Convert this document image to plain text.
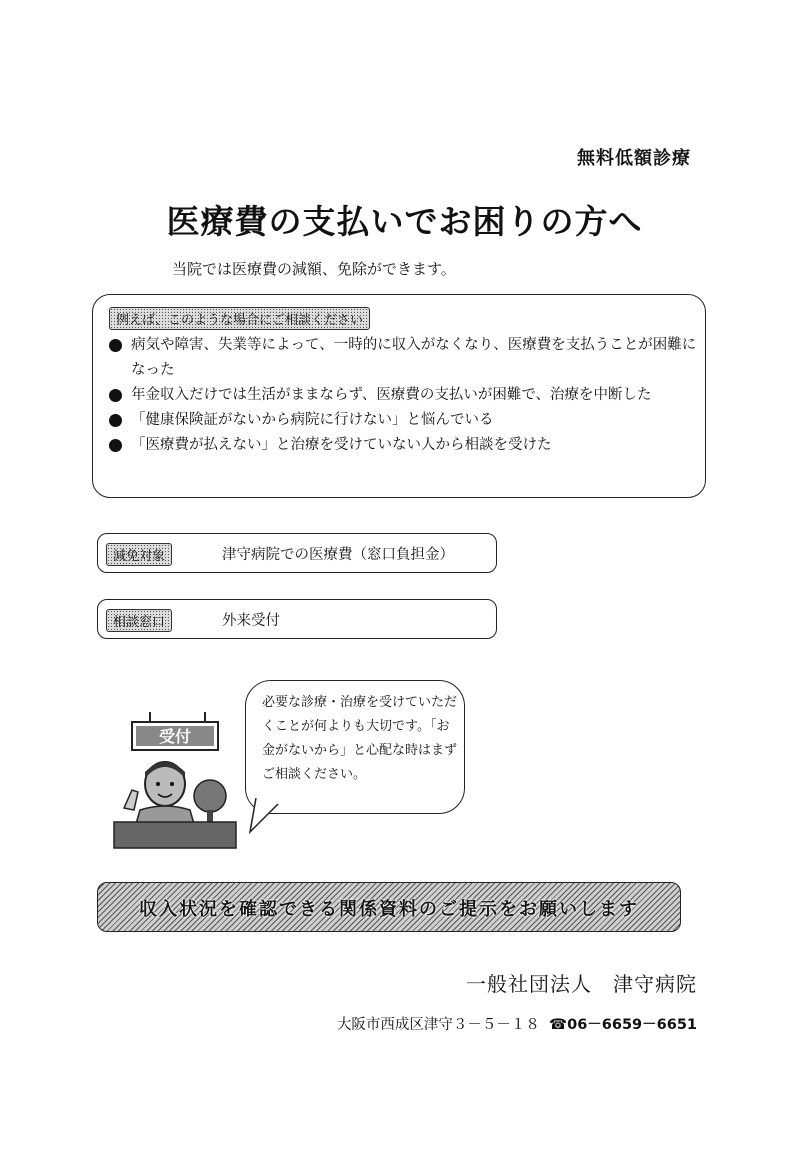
無料低額診療
医療費の支払いでお困りの方へ
当院では医療費の減額、免除ができます。
例えば、このような場合にご相談ください
病気や障害、失業等によって、一時的に収入がなくなり、医療費を支払うことが困難になった
年金収入だけでは生活がままならず、医療費の支払いが困難で、治療を中断した
「健康保険証がないから病院に行けない」と悩んでいる
「医療費が払えない」と治療を受けていない人から相談を受けた
減免対象	津守病院での医療費（窓口負担金）
相談窓口	外来受付
受付
必要な診療・治療を受けていただくことが何よりも大切です。「お金がないから」と心配な時はまずご相談ください。
収入状況を確認できる関係資料のご提示をお願いします
一般社団法人　津守病院
大阪市西成区津守３－５－１８ ☎06－6659－6651
